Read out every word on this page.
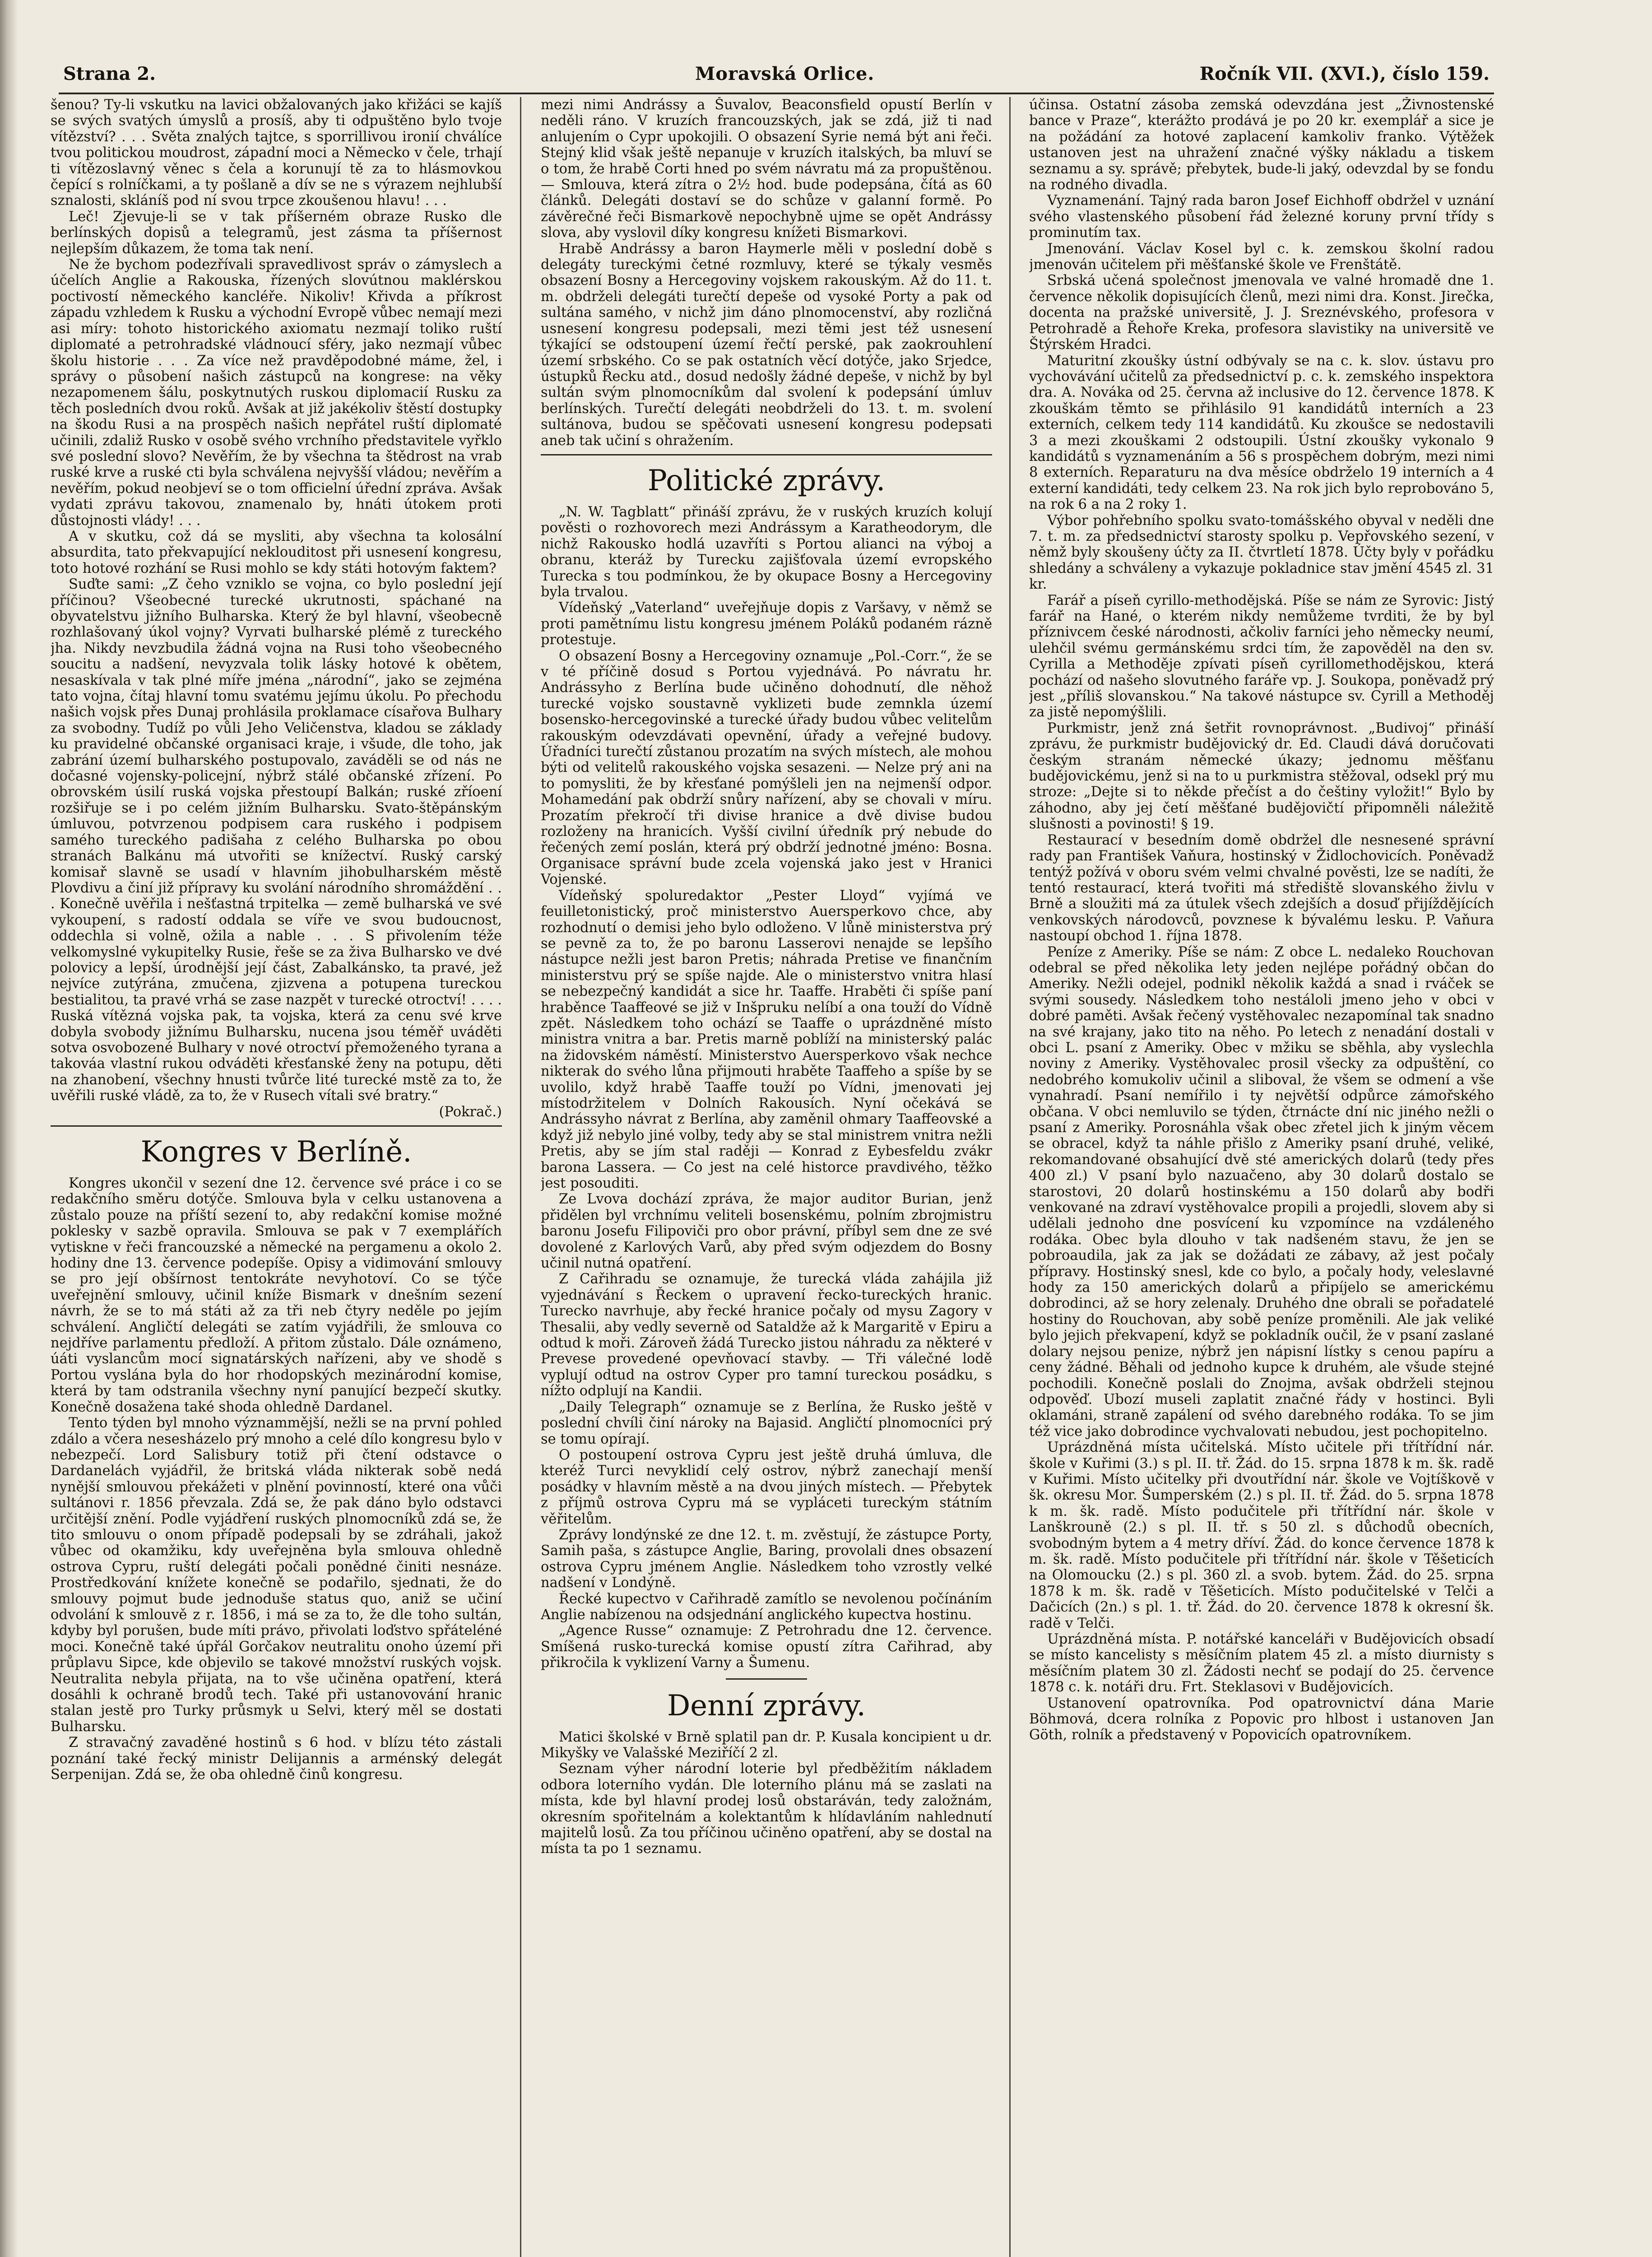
Strana 2.	Moravská Orlice.	Ročník VII. (XVI.), číslo 159.

šenou? Ty-li vskutku na lavici obžalovaných jako křižáci se kajíš se svých svatých úmyslů a prosíš, aby ti odpuštěno bylo tvoje vítězství? . . . Světa znalých tajtce, s sporrillivou ironií chválíce tvou politickou moudrost, západní moci a Německo v čele, trhají ti vítězoslavný věnec s čela a korunují tě za to hlásmovkou čepící s rolníčkami, a ty pošlaně a dív se ne s výrazem nejhlubší sznalosti, skláníš pod ní svou trpce zkoušenou hlavu! . . .

Leč! Zjevuje-li se v tak příšerném obraze Rusko dle berlínských dopisů a telegramů, jest zásma ta příšernost nejlepším důkazem, že toma tak není.

Ne že bychom podezřívali spravedlivost správ o zámyslech a účelích Anglie a Rakouska, řízených slovútnou maklérskou poctivostí německého kancléře. Nikoliv! Křivda a příkrost západu vzhledem k Rusku a východní Evropě vůbec nemají mezi asi míry: tohoto historického axiomatu nezmají toliko ruští diplomaté a petrohradské vládnoucí sféry, jako nezmají vůbec školu historie . . . Za více než pravděpodobné máme, žel, i správy o působení našich zástupců na kongrese: na věky nezapomenem šálu, poskytnutých ruskou diplomacií Rusku za těch posledních dvou roků. Avšak at již jakékoliv štěstí dostupky na škodu Rusi a na prospěch našich nepřátel ruští diplomaté učinili, zdaliž Rusko v osobě svého vrchního představitele vyřklo své poslední slovo? Nevěřím, že by všechna ta štědrost na vrab ruské krve a ruské cti byla schválena nejvyšší vládou; nevěřím a nevěřím, pokud neobjeví se o tom officielní úřední zpráva. Avšak vydati zprávu takovou, znamenalo by, hnáti útokem proti důstojnosti vlády! . . .

A v skutku, což dá se mysliti, aby všechna ta kolosální absurdita, tato překvapující neklouditost při usnesení kongresu, toto hotové rozhání se Rusi mohlo se kdy státi hotovým faktem?

Suďte sami: „Z čeho vzniklo se vojna, co bylo poslední její příčinou? Všeobecné turecké ukrutnosti, spáchané na obyvatelstvu jižního Bulharska. Který že byl hlavní, všeobecně rozhlašovaný úkol vojny? Vyrvati bulharské plémě z tureckého jha. Nikdy nevzbudila žádná vojna na Rusi toho všeobecného soucitu a nadšení, nevyzvala tolik lásky hotové k obětem, nesaskívala v tak plné míře jména „národní“, jako se zejména tato vojna, čítaj hlavní tomu svatému jejímu úkolu. Po přechodu našich vojsk přes Dunaj prohlásila proklamace císařova Bulhary za svobodny. Tudíž po vůli Jeho Veličenstva, kladou se základy ku pravidelné občanské organisaci kraje, i všude, dle toho, jak zabrání území bulharského postupovalo, zaváděli se od nás ne dočasné vojensky-policejní, nýbrž stálé občanské zřízení. Po obrovském úsilí ruská vojska přestoupí Balkán; ruské zříoení rozšiřuje se i po celém jižním Bulharsku. Svato-štěpánským úmluvou, potvrzenou podpisem cara ruského i podpisem samého tureckého padišaha z celého Bulharska po obou stranách Balkánu má utvořiti se knížectví. Ruský carský komisař slavně se usadí v hlavním jihobulharském městě Plovdivu a činí již přípravy ku svolání národního shromáždění . . . Konečně uvěřila i nešťastná trpitelka — země bulharská ve své vykoupení, s radostí oddala se víře ve svou budoucnost, oddechla si volně, ožila a nable . . . S přivolením téže velkomyslné vykupitelky Rusie, řeše se za živa Bulharsko ve dvé polovicy a lepší, úrodnější její část, Zabalkánsko, ta pravé, jež nejvíce zutýrána, zmučena, zjizvena a potupena tureckou bestialitou, ta pravé vrhá se zase nazpět v turecké otroctví! . . . . Ruská vítězná vojska pak, ta vojska, která za cenu své krve dobyla svobody jižnímu Bulharsku, nucena jsou téměř uváděti sotva osvobozené Bulhary v nové otroctví přemoženého tyrana a takováa vlastní rukou odváděti křesťanské ženy na potupu, děti na zhanobení, všechny hnusti tvůrče lité turecké mstě za to, že uvěřili ruské vládě, za to, že v Rusech vítali své bratry.“

(Pokrač.)

Kongres v Berlíně.

Kongres ukončil v sezení dne 12. července své práce i co se redakčního směru dotýče. Smlouva byla v celku ustanovena a zůstalo pouze na příští sezení to, aby redakční komise možné poklesky v sazbě opravila. Smlouva se pak v 7 exemplářích vytiskne v řeči francouzské a německé na pergamenu a okolo 2. hodiny dne 13. července podepíše. Opisy a vidimování smlouvy se pro její obšírnost tentokráte nevyhotoví. Co se týče uveřejnění smlouvy, učinil kníže Bismark v dnešním sezení návrh, že se to má státi až za tři neb čtyry neděle po jejím schválení. Angličtí delegáti se zatím vyjádřili, že smlouva co nejdříve parlamentu předloží. A přitom zůstalo. Dále oznámeno, úáti vyslancům mocí signatárských nařízeni, aby ve shodě s Portou vyslána byla do hor rhodopských mezinárodní komise, která by tam odstranila všechny nyní panující bezpečí skutky. Konečně dosažena také shoda ohledně Dardanel.

Tento týden byl mnoho význammější, nežli se na první pohled zdálo a včera nesesházelo prý mnoho a celé dílo kongresu bylo v nebezpečí. Lord Salisbury totiž při čtení odstavce o Dardanelách vyjádřil, že britská vláda nikterak sobě nedá nynější smlouvou překážeti v plnění povinností, které ona vůči sultánovi r. 1856 převzala. Zdá se, že pak dáno bylo odstavci určitější znění. Podle vyjádření ruských plnomocníků zdá se, že tito smlouvu o onom případě podepsali by se zdráhali, jakož vůbec od okamžiku, kdy uveřejněna byla smlouva ohledně ostrova Cypru, ruští delegáti počali ponědné činiti nesnáze. Prostředkování knížete konečně se podařilo, sjednati, že do smlouvy pojmut bude jednoduše status quo, aniž se učiní odvolání k smlouvě z r. 1856, i má se za to, že dle toho sultán, kdyby byl porušen, bude míti právo, přivolati loďstvo spřáteléné moci. Konečně také úpřál Gorčakov neutralitu onoho území při průplavu Sipce, kde objevilo se takové množství ruských vojsk. Neutralita nebyla přijata, na to vše učiněna opatření, která dosáhli k ochraně brodů tech. Také při ustanovování hranic stalan jestě pro Turky průsmyk u Selvi, který měl se dostati Bulharsku.

Z stravačný zavaděné hostinů s 6 hod. v blízu této zástali poznání také řecký ministr Delijannis a arménský delegát Serpenijan. Zdá se, že oba ohledně činů kongresu.

mezi nimi Andrássy a Šuvalov, Beaconsfield opustí Berlín v neděli ráno. V kruzích francouzských, jak se zdá, již ti nad anlujením o Cypr upokojili. O obsazení Syrie nemá být ani řeči. Stejný klid však ještě nepanuje v kruzích italských, ba mluví se o tom, že hrabě Corti hned po svém návratu má za propuštěnou. — Smlouva, která zítra o 2½ hod. bude podepsána, čítá as 60 článků. Delegáti dostaví se do schůze v galanní formě. Po závěrečné řeči Bismarkově nepochybně ujme se opět Andrássy slova, aby vyslovil díky kongresu knížeti Bismarkovi.

Hrabě Andrássy a baron Haymerle měli v poslední době s delegáty tureckými četné rozmluvy, které se týkaly vesměs obsazení Bosny a Hercegoviny vojskem rakouským. Až do 11. t. m. obdrželi delegáti turečtí depeše od vysoké Porty a pak od sultána samého, v nichž jim dáno plnomocenství, aby rozličná usnesení kongresu podepsali, mezi těmi jest též usnesení týkající se odstoupení území řečtí perské, pak zaokrouhlení území srbského. Co se pak ostatních věcí dotýče, jako Srjedce, ústupků Řecku atd., dosud nedošly žádné depeše, v nichž by byl sultán svým plnomocníkům dal svolení k podepsání úmluv berlínských. Turečtí delegáti neobdrželi do 13. t. m. svolení sultánova, budou se spěčovati usnesení kongresu podepsati aneb tak učiní s ohražením.

Politické zprávy.

„N. W. Tagblatt“ přináší zprávu, že v ruských kruzích kolují pověsti o rozhovorech mezi Andrássym a Karatheodorym, dle nichž Rakousko hodlá uzavříti s Portou alianci na výboj a obranu, kteráž by Turecku zajišťovala území evropského Turecka s tou podmínkou, že by okupace Bosny a Hercegoviny byla trvalou.

Vídeňský „Vaterland“ uveřejňuje dopis z Varšavy, v němž se proti pamětnímu listu kongresu jménem Poláků podaném rázně protestuje.

O obsazení Bosny a Hercegoviny oznamuje „Pol.-Corr.“, že se v té příčině dosud s Portou vyjednává. Po návratu hr. Andrássyho z Berlína bude učiněno dohodnutí, dle něhož turecké vojsko soustavně vyklizeti bude zemnkla území bosensko-hercegovinské a turecké úřady budou vůbec velitelům rakouským odevzdávati opevnění, úřady a veřejné budovy. Úřadníci turečtí zůstanou prozatím na svých místech, ale mohou býti od velitelů rakouského vojska sesazeni. — Nelze prý ani na to pomysliti, že by křesťané pomýšleli jen na nejmenší odpor. Mohamedání pak obdrží snůry nařízení, aby se chovali v míru. Prozatím překročí tři divise hranice a dvě divise budou rozloženy na hranicích. Vyšší civilní úředník prý nebude do řečených zemí poslán, která prý obdrží jednotné jméno: Bosna. Organisace správní bude zcela vojenská jako jest v Hranici Vojenské.

Vídeňský spoluredaktor „Pester Lloyd“ vyjímá ve feuilletonistický, proč ministerstvo Auersperkovo chce, aby rozhodnutí o demisi jeho bylo odloženo. V lůně ministerstva prý se pevně za to, že po baronu Lasserovi nenajde se lepšího nástupce nežli jest baron Pretis; náhrada Pretise ve finančním ministerstvu prý se spíše najde. Ale o ministerstvo vnitra hlasí se nebezpečný kandidát a sice hr. Taaffe. Hraběti či spíše paní hraběnce Taaffeové se již v Inšpruku nelíbí a ona touží do Vídně zpět. Následkem toho ochází se Taaffe o uprázdněné místo ministra vnitra a bar. Pretis marně poblíží na ministerský palác na židovském náměstí. Ministerstvo Auersperkovo však nechce nikterak do svého lůna přijmouti hraběte Taaffeho a spíše by se uvolilo, když hrabě Taaffe touží po Vídni, jmenovati jej místodržitelem v Dolních Rakousích. Nyní očekává se Andrássyho návrat z Berlína, aby zaměnil ohmary Taaffeovské a když již nebylo jiné volby, tedy aby se stal ministrem vnitra nežli Pretis, aby se jím stal raději — Konrad z Eybesfeldu zvákr barona Lassera. — Co jest na celé historce pravdivého, těžko jest posouditi.

Ze Lvova dochází zpráva, že major auditor Burian, jenž přidělen byl vrchnímu veliteli bosenskému, polním zbrojmistru baronu Josefu Filipoviči pro obor právní, příbyl sem dne ze své dovolené z Karlových Varů, aby před svým odjezdem do Bosny učinil nutná opatření.

Z Cařihradu se oznamuje, že turecká vláda zahájila již vyjednávání s Řeckem o upravení řecko-tureckých hranic. Turecko navrhuje, aby řecké hranice počaly od mysu Zagory v Thesalii, aby vedly severně od Sataldže až k Margaritě v Epiru a odtud k moři. Zároveň žádá Turecko jistou náhradu za některé v Prevese provedené opevňovací stavby. — Tři válečné lodě vyplují odtud na ostrov Cyper pro tamní tureckou posádku, s nížto odplují na Kandii.

„Daily Telegraph“ oznamuje se z Berlína, že Rusko ještě v poslední chvíli činí nároky na Bajasid. Angličtí plnomocníci prý se tomu opírají.

O postoupení ostrova Cypru jest ještě druhá úmluva, dle kteréž Turci nevyklidí celý ostrov, nýbrž zanechají menší posádky v hlavním městě a na dvou jiných místech. — Přebytek z příjmů ostrova Cypru má se vypláceti tureckým státním věřitelům.

Zprávy londýnské ze dne 12. t. m. zvěstují, že zástupce Porty, Samih paša, s zástupce Anglie, Baring, provolali dnes obsazení ostrova Cypru jménem Anglie. Následkem toho vzrostly velké nadšení v Londýně.

Řecké kupectvo v Cařihradě zamítlo se nevolenou počínáním Anglie nabízenou na odsjednání anglického kupectva hostinu.

„Agence Russe“ oznamuje: Z Petrohradu dne 12. července. Smíšená rusko-turecká komise opustí zítra Cařihrad, aby přikročila k vyklizení Varny a Šumenu.

Denní zprávy.

Matici školské v Brně splatil pan dr. P. Kusala koncipient u dr. Mikyšky ve Valašské Meziříčí 2 zl.

Seznam výher národní loterie byl předběžitím nákladem odbora loterního vydán. Dle loterního plánu má se zaslati na místa, kde byl hlavní prodej losů obstaráván, tedy založnám, okresním spořitelnám a kolektantům k hlídavláním nahlednutí majitelů losů. Za tou příčinou učiněno opatření, aby se dostal na místa ta po 1 seznamu.

účinsa. Ostatní zásoba zemská odevzdána jest „Živnostenské bance v Praze“, kterážto prodává je po 20 kr. exemplář a sice je na požádání za hotové zaplacení kamkoliv franko. Výtěžek ustanoven jest na uhražení značné výšky nákladu a tiskem seznamu a sy. správě; přebytek, bude-li jaký, odevzdal by se fondu na rodného divadla.

Vyznamenání. Tajný rada baron Josef Eichhoff obdržel v uznání svého vlastenského působení řád železné koruny první třídy s prominutím tax.

Jmenování. Václav Kosel byl c. k. zemskou školní radou jmenován učitelem při měšťanské škole ve Frenštátě.

Srbská učená společnost jmenovala ve valné hromadě dne 1. července několik dopisujících členů, mezi nimi dra. Konst. Jirečka, docenta na pražské universitě, J. J. Sreznévského, profesora v Petrohradě a Řehoře Krekа, profesora slavistiky na universitě ve Štýrském Hradci.

Maturitní zkoušky ústní odbývaly se na c. k. slov. ústavu pro vychovávání učitelů za předsednictví p. c. k. zemského inspektora dra. A. Nováka od 25. června až inclusive do 12. července 1878. K zkouškám těmto se přihlásilo 91 kandidátů interních a 23 externích, celkem tedy 114 kandidátů. Ku zkoušce se nedostavili 3 a mezi zkouškami 2 odstoupili. Ústní zkoušky vykonalo 9 kandidátů s vyznamenáním a 56 s prospěchem dobrým, mezi nimi 8 externích. Reparaturu na dva měsíce obdrželo 19 interních a 4 externí kandidáti, tedy celkem 23. Na rok jich bylo reprobováno 5, na rok 6 a na 2 roky 1.

Výbor pohřebního spolku svato-tomášského obyval v neděli dne 7. t. m. za předsednictví starosty spolku p. Vepřovského sezení, v němž byly skoušeny účty za II. čtvrtletí 1878. Účty byly v pořádku shledány a schváleny a vykazuje pokladnice stav jmění 4545 zl. 31 kr.

Farář a píseň cyrillo-methodějská. Píše se nám ze Syrovic: Jistý farář na Hané, o kterém nikdy nemůžeme tvrditi, že by byl příznivcem české národnosti, ačkoliv farníci jeho německy neumí, ulehčil svému germánskému srdci tím, že zapověděl na den sv. Cyrilla a Methoděje zpívati píseň cyrillomethodějskou, která pochází od našeho slovutného faráře vp. J. Soukopa, poněvadž prý jest „příliš slovanskou.“ Na takové nástupce sv. Cyrill a Methoděj za jistě nepomýšlili.

Purkmistr, jenž zná šetřit rovnoprávnost. „Budivoj“ přináší zprávu, že purkmistr budějovický dr. Ed. Claudi dává doručovati českým stranám německé úkazy; jednomu měšťanu budějovickému, jenž si na to u purkmistra stěžoval, odsekl prý mu stroze: „Dejte si to někde přečíst a do češtiny vyložit!“ Bylo by záhodno, aby jej četí měšťané budějovičtí připomněli náležitě slušnosti a povinosti! § 19.

Restaurací v besedním domě obdržel dle nesnesené správní rady pan František Vaňura, hostinský v Židlochovicích. Poněvadž tentýž požívá v oboru svém velmi chvalné pověsti, lze se nadíti, že tentó restaurací, která tvořiti má střediště slovanského živlu v Brně a sloužiti má za útulek všech zdejších a dosuď přijíždějících venkovských národovců, povznese k bývalému lesku. P. Vaňura nastoupí obchod 1. října 1878.

Peníze z Ameriky. Píše se nám: Z obce L. nedaleko Rouchovan odebral se před několika lety jeden nejlépe pořádný občan do Ameriky. Nežli odejel, podnikl několik každá a snad i rváček se svými sousedy. Následkem toho nestáloli jmeno jeho v obci v dobré paměti. Avšak řečený vystěhovalec nezapomínal tak snadno na své krajany, jako tito na něho. Po letech z nenadání dostali v obci L. psaní z Ameriky. Obec v mžiku se sběhla, aby vyslechla noviny z Ameriky. Vystěhovalec prosil všecky za odpuštění, co nedobrého komukoliv učinil a sliboval, že všem se odmení a vše vynahradí. Psaní nemířilo i ty největší odpůrce zámořského občana. V obci nemluvilo se týden, čtrnácte dní nic jiného nežli o psaní z Ameriky. Porosnáhla však obec zřetel jich k jiným věcem se obracel, když ta náhle přišlo z Ameriky psaní druhé, veliké, rekomandované obsahující dvě sté amerických dolarů (tedy přes 400 zl.) V psaní bylo nazuačeno, aby 30 dolarů dostalo se starostovi, 20 dolarů hostinskému a 150 dolarů aby bodři venkované na zdraví vystěhovalce propili a projedli, slovem aby si udělali jednoho dne posvícení ku vzpomínce na vzdáleného rodáka. Obec byla dlouho v tak nadšeném stavu, že jen se pobroaudila, jak za jak se dožádati ze zábavy, až jest počaly přípravy. Hostinský snesl, kde co bylo, a počaly hody, veleslavné hody za 150 amerických dolarů a připíjelo se americkému dobrodinci, až se hory zelenaly. Druhého dne obrali se pořadatelé hostiny do Rouchovan, aby sobě peníze proměnili. Ale jak veliké bylo jejich překvapení, když se pokladník oučil, že v psaní zaslané dolary nejsou penize, nýbrž jen nápisní lístky s cenou papíru a ceny žádné. Běhali od jednoho kupce k druhém, ale všude stejné pochodili. Konečně poslali do Znojma, avšak obdrželi stejnou odpověď. Ubozí museli zaplatit značné řády v hostinci. Byli oklamáni, straně zapálení od svého darebného rodáka. To se jim též vice jako dobrodince vychvalovati nebudou, jest pochopitelno.

Uprázdněná místa učitelská. Místo učitele při třítřídní nár. škole v Kuřimi (3.) s pl. II. tř. Žád. do 15. srpna 1878 k m. šk. radě v Kuřimi. Místo učitelky při dvoutřídní nár. škole ve Vojtíškově v šk. okresu Mor. Šumperském (2.) s pl. II. tř. Žád. do 5. srpna 1878 k m. šk. radě. Místo podučitele při třítřídní nár. škole v Lanškrouně (2.) s pl. II. tř. s 50 zl. s důchodů obecních, svobodným bytem a 4 metry dříví. Žád. do konce července 1878 k m. šk. radě. Místo podučitele při třítřídní nár. škole v Těšeticích na Olomoucku (2.) s pl. 360 zl. a svob. bytem. Žád. do 25. srpna 1878 k m. šk. radě v Těšeticích. Místo podučitelské v Telči a Dačicích (2n.) s pl. 1. tř. Žád. do 20. července 1878 k okresní šk. radě v Telči.

Uprázdněná místa. P. notářské kanceláři v Budějovicích obsadí se místo kancelisty s měsíčním platem 45 zl. a místo diurnisty s měsíčním platem 30 zl. Žádosti nechť se podají do 25. července 1878 c. k. notáři dru. Frt. Steklasovi v Budějovicích.

Ustanovení opatrovníka. Pod opatrovnictví dána Marie Böhmová, dcera rolníka z Popovic pro hlbost i ustanoven Jan Göth, rolník a představený v Popovicích opatrovníkem.
